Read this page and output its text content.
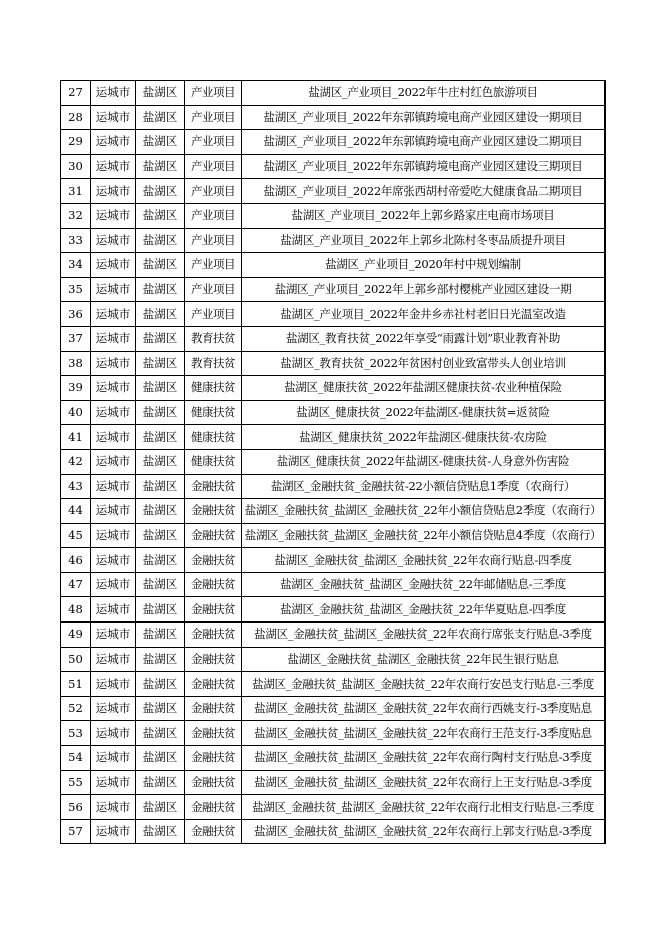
27	运城市	盐湖区	产业项目	盐湖区_产业项目_2022年牛庄村红色旅游项目
28	运城市	盐湖区	产业项目	盐湖区_产业项目_2022年东郭镇跨境电商产业园区建设一期项目
29	运城市	盐湖区	产业项目	盐湖区_产业项目_2022年东郭镇跨境电商产业园区建设二期项目
30	运城市	盐湖区	产业项目	盐湖区_产业项目_2022年东郭镇跨境电商产业园区建设三期项目
31	运城市	盐湖区	产业项目	盐湖区_产业项目_2022年席张西胡村帝爱吃大健康食品二期项目
32	运城市	盐湖区	产业项目	盐湖区_产业项目_2022年上郭乡路家庄电商市场项目
33	运城市	盐湖区	产业项目	盐湖区_产业项目_2022年上郭乡北陈村冬枣品质提升项目
34	运城市	盐湖区	产业项目	盐湖区_产业项目_2020年村中规划编制
35	运城市	盐湖区	产业项目	盐湖区_产业项目_2022年上郭乡部村樱桃产业园区建设一期
36	运城市	盐湖区	产业项目	盐湖区_产业项目_2022年金井乡赤社村老旧日光温室改造
37	运城市	盐湖区	教育扶贫	盐湖区_教育扶贫_2022年享受“雨露计划”职业教育补助
38	运城市	盐湖区	教育扶贫	盐湖区_教育扶贫_2022年贫困村创业致富带头人创业培训
39	运城市	盐湖区	健康扶贫	盐湖区_健康扶贫_2022年盐湖区健康扶贫-农业种植保险
40	运城市	盐湖区	健康扶贫	盐湖区_健康扶贫_2022年盐湖区-健康扶贫=返贫险
41	运城市	盐湖区	健康扶贫	盐湖区_健康扶贫_2022年盐湖区-健康扶贫-农房险
42	运城市	盐湖区	健康扶贫	盐湖区_健康扶贫_2022年盐湖区-健康扶贫-人身意外伤害险
43	运城市	盐湖区	金融扶贫	盐湖区_金融扶贫_金融扶贫-22小额信贷贴息1季度（农商行）
44	运城市	盐湖区	金融扶贫	盐湖区_金融扶贫_盐湖区_金融扶贫_22年小额信贷贴息2季度（农商行）
45	运城市	盐湖区	金融扶贫	盐湖区_金融扶贫_盐湖区_金融扶贫_22年小额信贷贴息4季度（农商行）
46	运城市	盐湖区	金融扶贫	盐湖区_金融扶贫_盐湖区_金融扶贫_22年农商行贴息-四季度
47	运城市	盐湖区	金融扶贫	盐湖区_金融扶贫_盐湖区_金融扶贫_22年邮储贴息-三季度
48	运城市	盐湖区	金融扶贫	盐湖区_金融扶贫_盐湖区_金融扶贫_22年华夏贴息-四季度
49	运城市	盐湖区	金融扶贫	盐湖区_金融扶贫_盐湖区_金融扶贫_22年农商行席张支行贴息-3季度
50	运城市	盐湖区	金融扶贫	盐湖区_金融扶贫_盐湖区_金融扶贫_22年民生银行贴息
51	运城市	盐湖区	金融扶贫	盐湖区_金融扶贫_盐湖区_金融扶贫_22年农商行安邑支行贴息-三季度
52	运城市	盐湖区	金融扶贫	盐湖区_金融扶贫_盐湖区_金融扶贫_22年农商行西姚支行-3季度贴息
53	运城市	盐湖区	金融扶贫	盐湖区_金融扶贫_盐湖区_金融扶贫_22年农商行王范支行-3季度贴息
54	运城市	盐湖区	金融扶贫	盐湖区_金融扶贫_盐湖区_金融扶贫_22年农商行陶村支行贴息-3季度
55	运城市	盐湖区	金融扶贫	盐湖区_金融扶贫_盐湖区_金融扶贫_22年农商行上王支行贴息-3季度
56	运城市	盐湖区	金融扶贫	盐湖区_金融扶贫_盐湖区_金融扶贫_22年农商行北相支行贴息-三季度
57	运城市	盐湖区	金融扶贫	盐湖区_金融扶贫_盐湖区_金融扶贫_22年农商行上郭支行贴息-3季度
